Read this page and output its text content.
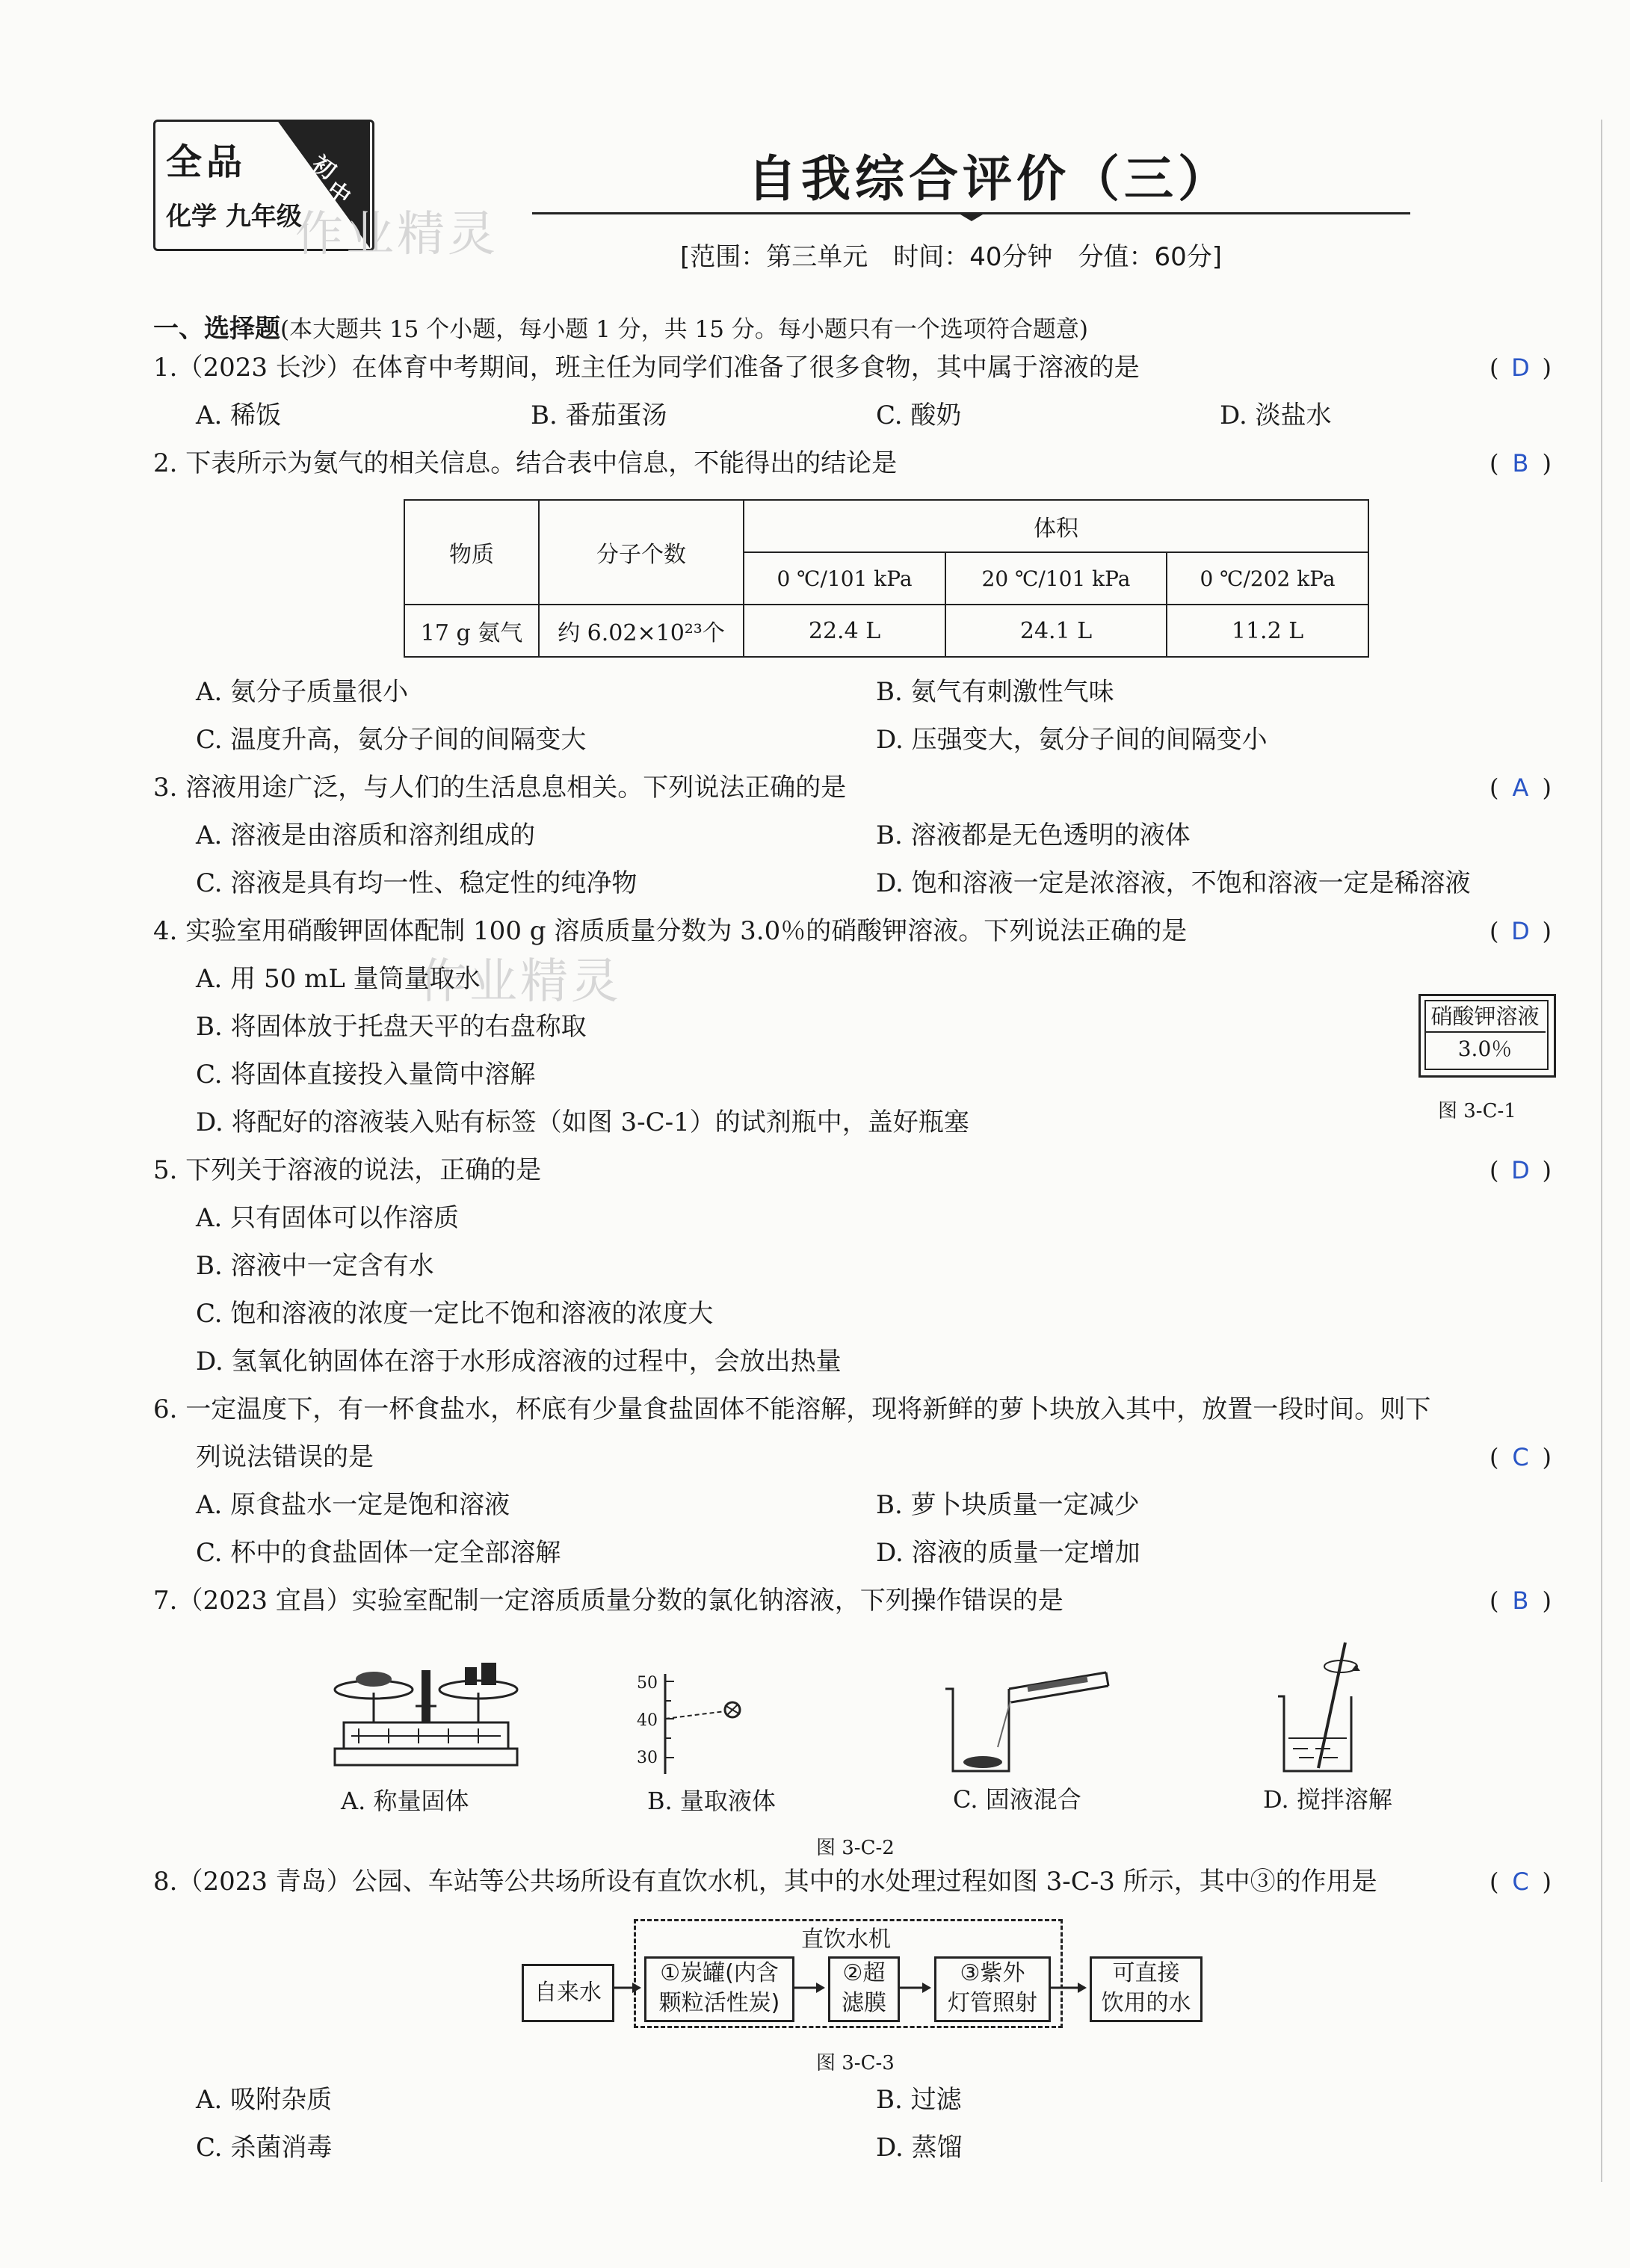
全品
化学 九年级
初
中	自我综合评价（三）
[范围：第三单元　时间：40分钟　分值：60分]
作业精灵
作业精灵
一、选择题(本大题共 15 个小题，每小题 1 分，共 15 分。每小题只有一个选项符合题意)
1.（2023 长沙）在体育中考期间，班主任为同学们准备了很多食物，其中属于溶液的是	( D )
A. 稀饭	B. 番茄蛋汤	C. 酸奶	D. 淡盐水
2. 下表所示为氨气的相关信息。结合表中信息，不能得出的结论是	( B )
物质	分子个数	体积		
		0 ℃/101 kPa	20 ℃/101 kPa	0 ℃/202 kPa
17 g 氨气	约 6.02×10²³个	22.4 L	24.1 L	11.2 L
A. 氨分子质量很小	B. 氨气有刺激性气味
C. 温度升高，氨分子间的间隔变大	D. 压强变大，氨分子间的间隔变小
3. 溶液用途广泛，与人们的生活息息相关。下列说法正确的是	( A )
A. 溶液是由溶质和溶剂组成的	B. 溶液都是无色透明的液体
C. 溶液是具有均一性、稳定性的纯净物	D. 饱和溶液一定是浓溶液，不饱和溶液一定是稀溶液
4. 实验室用硝酸钾固体配制 100 g 溶质质量分数为 3.0％的硝酸钾溶液。下列说法正确的是	( D )
A. 用 50 mL 量筒量取水
B. 将固体放于托盘天平的右盘称取
C. 将固体直接投入量筒中溶解
D. 将配好的溶液装入贴有标签（如图 3-C-1）的试剂瓶中，盖好瓶塞
硝酸钾溶液
3.0％
图 3-C-1
5. 下列关于溶液的说法，正确的是	( D )
A. 只有固体可以作溶质
B. 溶液中一定含有水
C. 饱和溶液的浓度一定比不饱和溶液的浓度大
D. 氢氧化钠固体在溶于水形成溶液的过程中，会放出热量
6. 一定温度下，有一杯食盐水，杯底有少量食盐固体不能溶解，现将新鲜的萝卜块放入其中，放置一段时间。则下
列说法错误的是	( C )
A. 原食盐水一定是饱和溶液	B. 萝卜块质量一定减少
C. 杯中的食盐固体一定全部溶解	D. 溶液的质量一定增加
7.（2023 宜昌）实验室配制一定溶质质量分数的氯化钠溶液，下列操作错误的是	( B )
50
40
30
A. 称量固体	B. 量取液体	C. 固液混合	D. 搅拌溶解
图 3-C-2
8.（2023 青岛）公园、车站等公共场所设有直饮水机，其中的水处理过程如图 3-C-3 所示，其中③的作用是	( C )
直饮水机
自来水
①炭罐(内含
颗粒活性炭)
②超
滤膜
③紫外
灯管照射
可直接
饮用的水
图 3-C-3
A. 吸附杂质	B. 过滤
C. 杀菌消毒	D. 蒸馏
